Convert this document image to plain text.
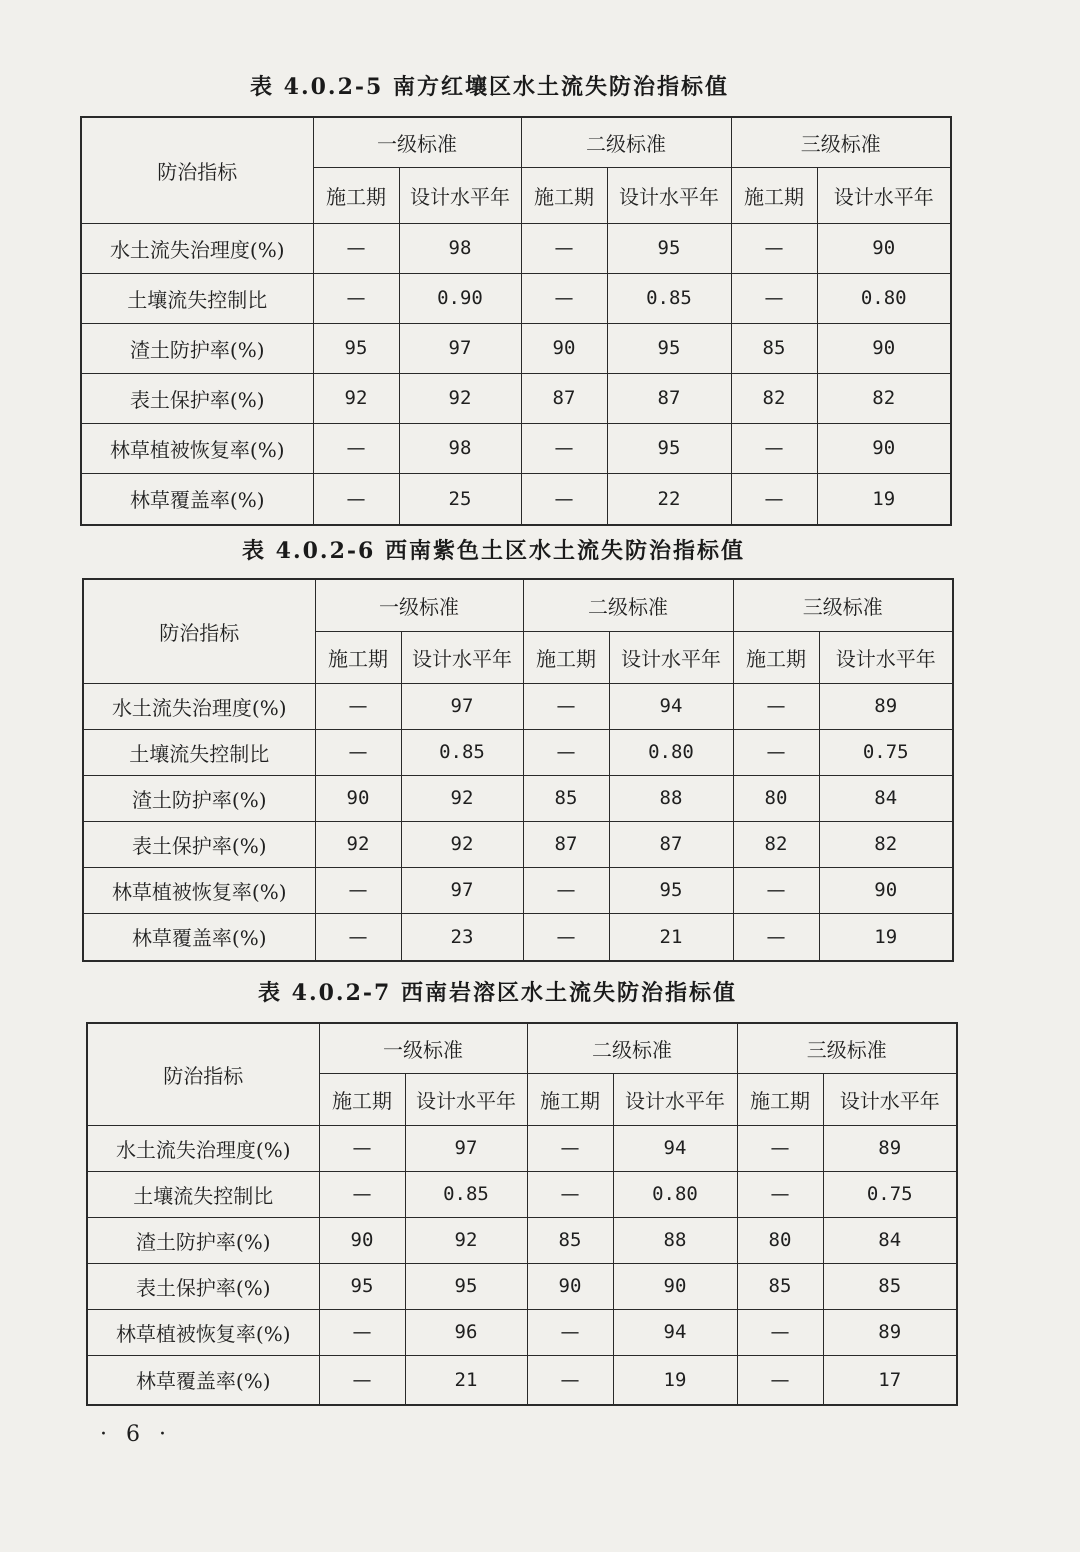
表 4.0.2-5 南方红壤区水土流失防治指标值
防治指标	一级标准		二级标准		三级标准	
	施工期	设计水平年	施工期	设计水平年	施工期	设计水平年
水土流失治理度(%)	—	98	—	95	—	90
土壤流失控制比	—	0.90	—	0.85	—	0.80
渣土防护率(%)	95	97	90	95	85	90
表土保护率(%)	92	92	87	87	82	82
林草植被恢复率(%)	—	98	—	95	—	90
林草覆盖率(%)	—	25	—	22	—	19
表 4.0.2-6 西南紫色土区水土流失防治指标值
防治指标	一级标准		二级标准		三级标准	
	施工期	设计水平年	施工期	设计水平年	施工期	设计水平年
水土流失治理度(%)	—	97	—	94	—	89
土壤流失控制比	—	0.85	—	0.80	—	0.75
渣土防护率(%)	90	92	85	88	80	84
表土保护率(%)	92	92	87	87	82	82
林草植被恢复率(%)	—	97	—	95	—	90
林草覆盖率(%)	—	23	—	21	—	19
表 4.0.2-7 西南岩溶区水土流失防治指标值
防治指标	一级标准		二级标准		三级标准	
	施工期	设计水平年	施工期	设计水平年	施工期	设计水平年
水土流失治理度(%)	—	97	—	94	—	89
土壤流失控制比	—	0.85	—	0.80	—	0.75
渣土防护率(%)	90	92	85	88	80	84
表土保护率(%)	95	95	90	90	85	85
林草植被恢复率(%)	—	96	—	94	—	89
林草覆盖率(%)	—	21	—	19	—	17
· 6 ·
